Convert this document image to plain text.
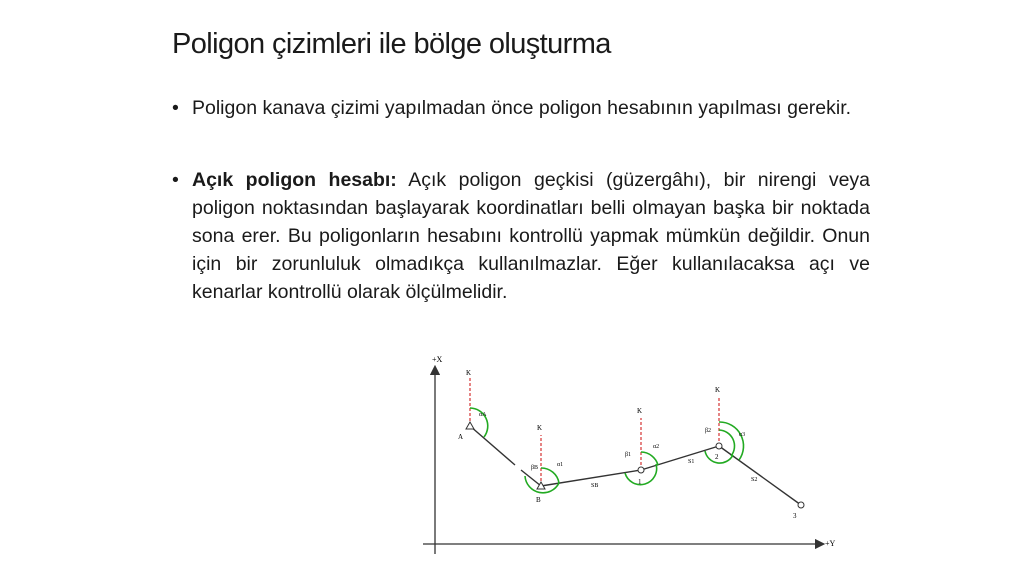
Poligon çizimleri ile bölge oluşturma
• Poligon kanava çizimi yapılmadan önce poligon hesabının yapılması gerekir.
• Açık poligon hesabı: Açık poligon geçkisi (güzergâhı), bir nirengi veya poligon noktasından başlayarak koordinatları belli olmayan başka bir noktada sona erer. Bu poligonların hesabını kontrollü yapmak mümkün değildir. Onun için bir zorunluluk olmadıkça kullanılmazlar. Eğer kullanılacaksa açı ve kenarlar kontrollü olarak ölçülmelidir.
+X
+Y
K
K
K
K
A
B
1
2
3
αA
βB	α1
β1
α2
β2
α3
SB
S1
S2
